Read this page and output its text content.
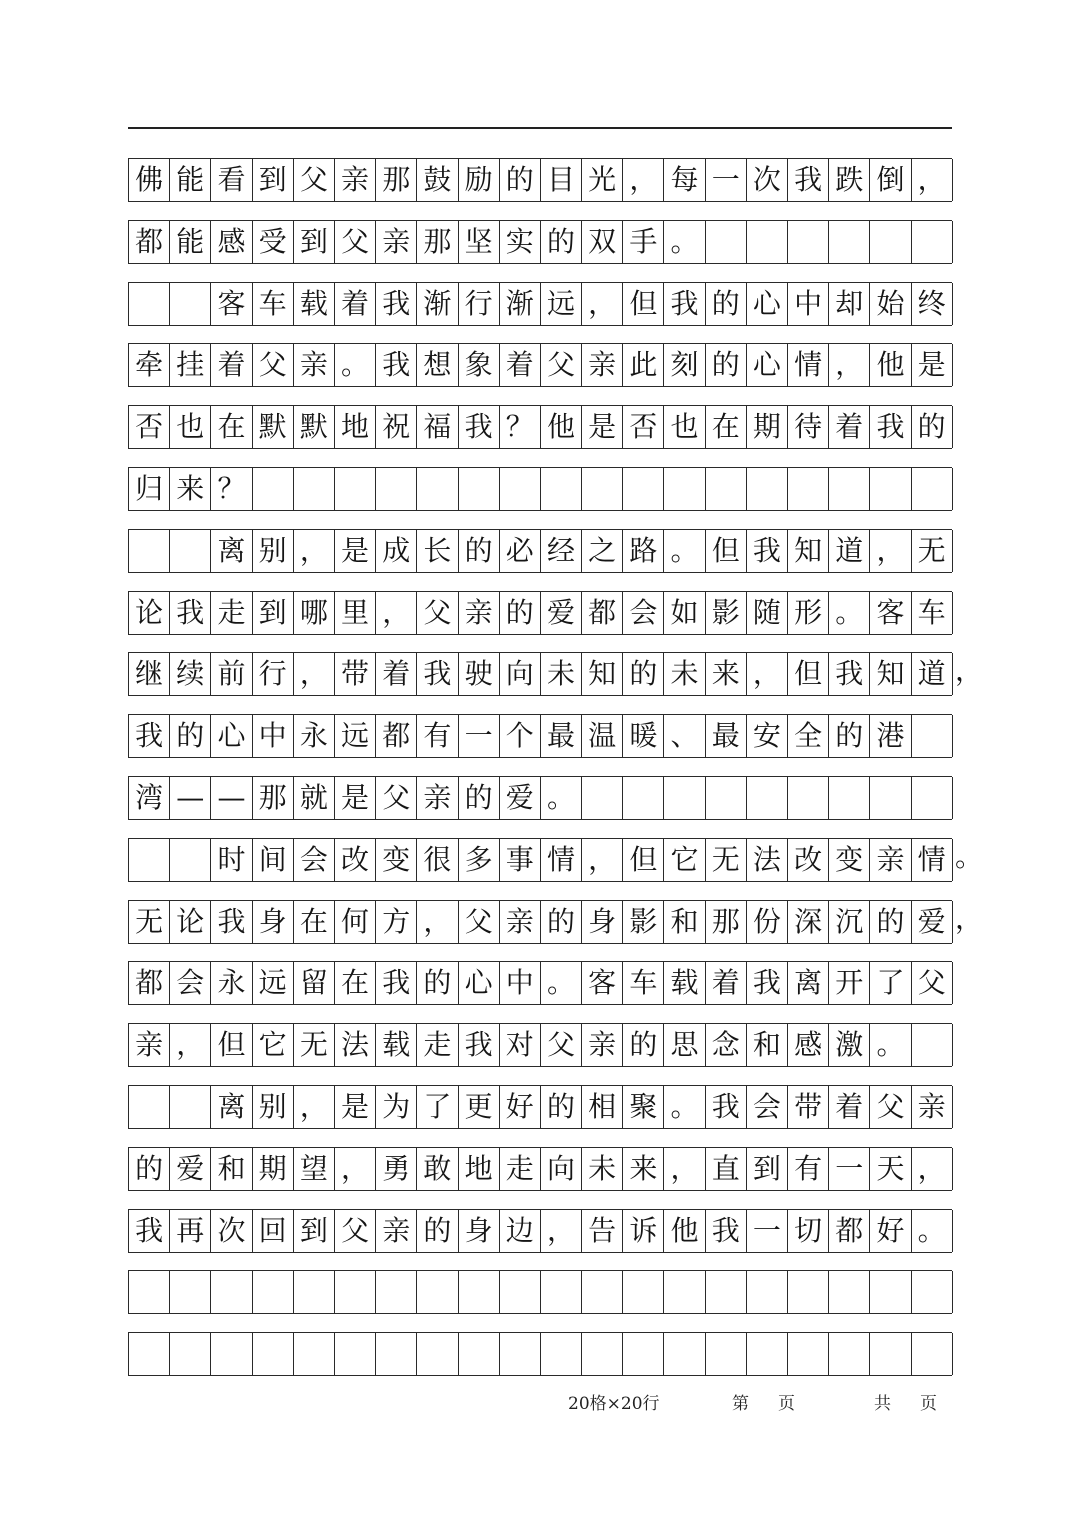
佛 能 看 到 父 亲 那 鼓 励 的 目 光 ， 每 一 次 我 跌 倒 ，
都 能 感 受 到 父 亲 那 坚 实 的 双 手 。
客 车 载 着 我 渐 行 渐 远 ， 但 我 的 心 中 却 始 终
牵 挂 着 父 亲 。 我 想 象 着 父 亲 此 刻 的 心 情 ， 他 是
否 也 在 默 默 地 祝 福 我 ？ 他 是 否 也 在 期 待 着 我 的
归 来 ？
离 别 ， 是 成 长 的 必 经 之 路 。 但 我 知 道 ， 无
论 我 走 到 哪 里 ， 父 亲 的 爱 都 会 如 影 随 形 。 客 车
继 续 前 行 ， 带 着 我 驶 向 未 知 的 未 来 ， 但 我 知 道 ，
我 的 心 中 永 远 都 有 一 个 最 温 暖 、 最 安 全 的 港
湾 — — 那 就 是 父 亲 的 爱 。
时 间 会 改 变 很 多 事 情 ， 但 它 无 法 改 变 亲 情 。
无 论 我 身 在 何 方 ， 父 亲 的 身 影 和 那 份 深 沉 的 爱 ，
都 会 永 远 留 在 我 的 心 中 。 客 车 载 着 我 离 开 了 父
亲 ， 但 它 无 法 载 走 我 对 父 亲 的 思 念 和 感 激 。
离 别 ， 是 为 了 更 好 的 相 聚 。 我 会 带 着 父 亲
的 爱 和 期 望 ， 勇 敢 地 走 向 未 来 ， 直 到 有 一 天 ，
我 再 次 回 到 父 亲 的 身 边 ， 告 诉 他 我 一 切 都 好 。
20格×20行	第 页	共 页
